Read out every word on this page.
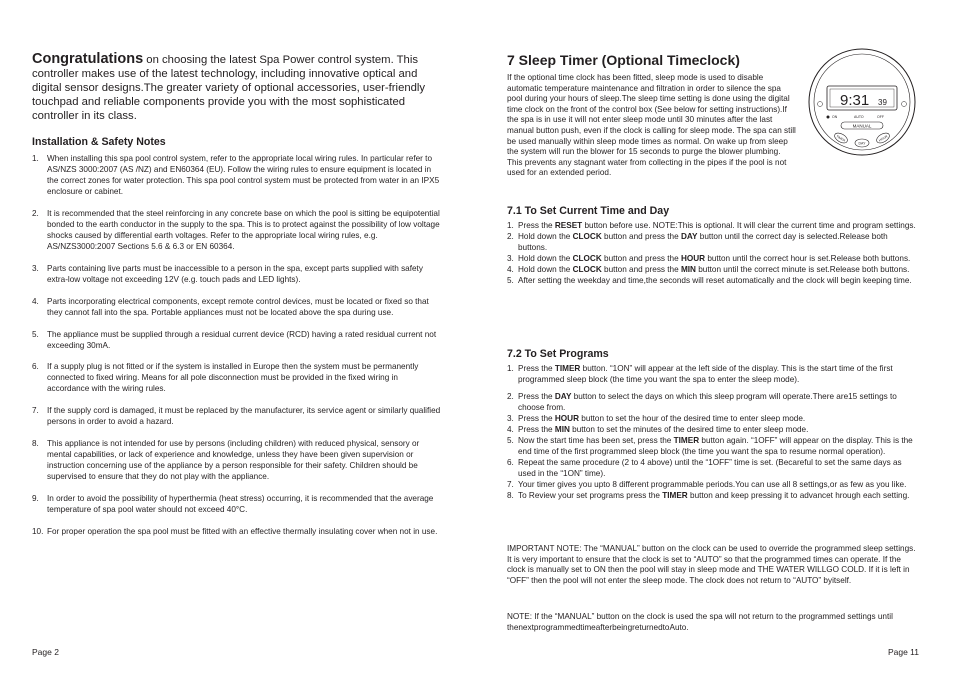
Congratulations on choosing the latest Spa Power control system. This controller makes use of the latest technology, including innovative optical and digital sensor designs.The greater variety of optional accessories, user-friendly touchpad and reliable components provide you with the most sophisticated controller in its class.

Installation & Safety Notes
1. When installing this spa pool control system, refer to the appropriate local wiring rules. In particular refer to AS/NZS 3000:2007 (AS /NZ) and EN60364 (EU). Follow the wiring rules to ensure equipment is located in the correct zones for water protection. This spa pool control system must be protected from water in an IPX5 enclosure or cabinet.
2. It is recommended that the steel reinforcing in any concrete base on which the pool is sitting be equipotential bonded to the earth conductor in the supply to the spa. This is to protect against the possibility of low voltage shocks caused by differential earth voltages. Refer to the appropriate local wiring rules, e.g. AS/NZS3000:2007 Sections 5.6 & 6.3 or EN 60364.
3. Parts containing live parts must be inaccessible to a person in the spa, except parts supplied with safety extra-low voltage not exceeding 12V (e.g. touch pads and LED lights).
4. Parts incorporating electrical components, except remote control devices, must be located or fixed so that they cannot fall into the spa. Portable appliances must not be located above the spa during use.
5. The appliance must be supplied through a residual current device (RCD) having a rated residual current not exceeding 30mA.
6. If a supply plug is not fitted or if the system is installed in Europe then the system must be permanently connected to fixed wiring. Means for all pole disconnection must be provided in the fixed wiring in accordance with the wiring rules.
7. If the supply cord is damaged, it must be replaced by the manufacturer, its service agent or similarly qualified persons in order to avoid a hazard.
8. This appliance is not intended for use by persons (including children) with reduced physical, sensory or mental capabilities, or lack of experience and knowledge, unless they have been given supervision or instruction concerning use of the appliance by a person responsible for their safety. Children should be supervised to ensure that they do not play with the appliance.
9. In order to avoid the possibility of hyperthermia (heat stress) occurring, it is recommended that the average temperature of spa pool water should not exceed 40°C.
10. For proper operation the spa pool must be fitted with an effective thermally insulating cover when not in use.
Page 2
7 Sleep Timer (Optional Timeclock)

If the optional time clock has been fitted, sleep mode is used to disable automatic temperature maintenance and filtration in order to silence the spa pool during your hours of sleep.The sleep time setting is done using the digital time clock on the front of the control box (See below for setting instructions).If the spa is in use it will not enter sleep mode until 30 minutes after the last manual button push, even if the clock is calling for sleep mode. The spa can still be used manually within sleep mode times as normal. On wake up from sleep the system will run the blower for 15 seconds to purge the blower plumbing. This prevents any stagnant water from collecting in the pipes if the pool is not used for an extended period.

9:31 39
ON	AUTO	OFF
MANUAL
TIMER
DAY
HOUR
7.1 To Set Current Time and Day
1. Press the RESET button before use. NOTE:This is optional. It will clear the current time and program settings.
2. Hold down the CLOCK button and press the DAY button until the correct day is selected.Release both buttons.
3. Hold down the CLOCK button and press the HOUR button until the correct hour is set.Release both buttons.
4. Hold down the CLOCK button and press the MIN button until the correct minute is set.Release both buttons.
5. After setting the weekday and time,the seconds will reset automatically and the clock will begin keeping time.
7.2 To Set Programs
1. Press the TIMER button. “1ON” will appear at the left side of the display. This is the start time of the first programmed sleep block (the time you want the spa to enter the sleep mode).
2. Press the DAY button to select the days on which this sleep program will operate.There are15 settings to choose from.
3. Press the HOUR button to set the hour of the desired time to enter sleep mode.
4. Press the MIN button to set the minutes of the desired time to enter sleep mode.
5. Now the start time has been set, press the TIMER button again. “1OFF” will appear on the display. This is the end time of the first programmed sleep block (the time you want the spa to resume normal operation).
6. Repeat the same procedure (2 to 4 above) until the “1OFF” time is set. (Becareful to set the same days as used in the “1ON” time).
7. Your timer gives you upto 8 different programmable periods.You can use all 8 settings,or as few as you like.
8. To Review your set programs press the TIMER button and keep pressing it to advancet hrough each setting.

IMPORTANT NOTE: The “MANUAL” button on the clock can be used to override the programmed sleep settings. It is very important to ensure that the clock is set to “AUTO” so that the programmed times can operate. If the clock is manually set to ON then the pool will stay in sleep mode and THE WATER WILLGO COLD. If it is left in “OFF” then the pool will not enter the sleep mode. The clock does not return to “AUTO” byitself.

NOTE: If the “MANUAL” button on the clock is used the spa will not return to the programmed settings until thenextprogrammedtimeafterbeingreturnedtoAuto.

Page 11
